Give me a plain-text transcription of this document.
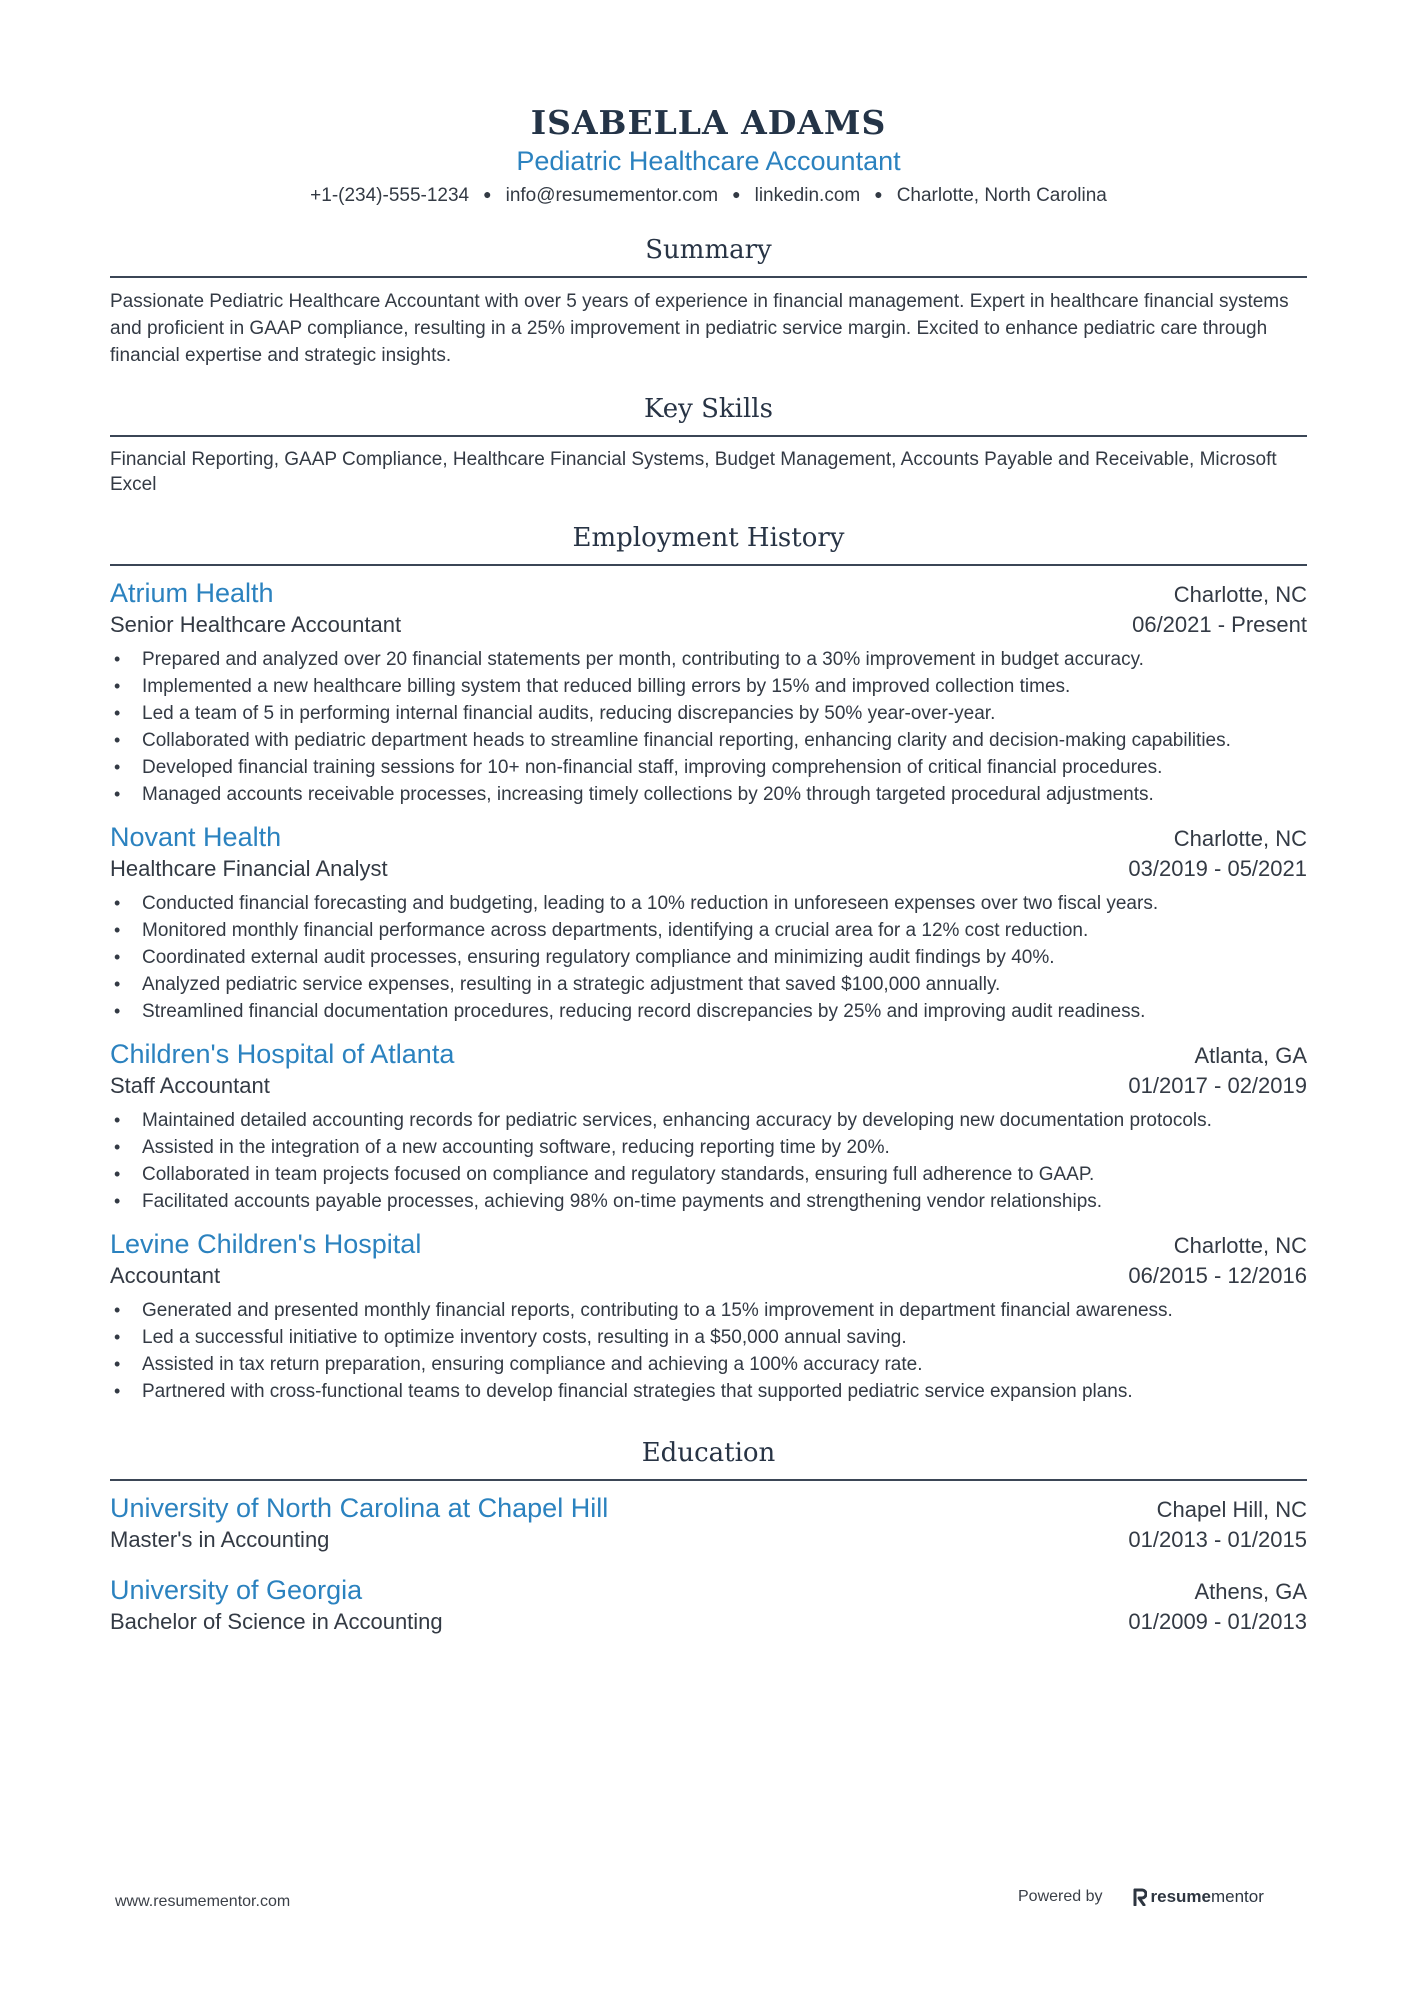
ISABELLA ADAMS
Pediatric Healthcare Accountant
+1-(234)-555-1234 ● info@resumementor.com ● linkedin.com ● Charlotte, North Carolina
Summary
Passionate Pediatric Healthcare Accountant with over 5 years of experience in financial management. Expert in healthcare financial systems and proficient in GAAP compliance, resulting in a 25% improvement in pediatric service margin. Excited to enhance pediatric care through financial expertise and strategic insights.
Key Skills
Financial Reporting, GAAP Compliance, Healthcare Financial Systems, Budget Management, Accounts Payable and Receivable, Microsoft Excel
Employment History
Atrium Health	Charlotte, NC
Senior Healthcare Accountant	06/2021 - Present
• Prepared and analyzed over 20 financial statements per month, contributing to a 30% improvement in budget accuracy.
• Implemented a new healthcare billing system that reduced billing errors by 15% and improved collection times.
• Led a team of 5 in performing internal financial audits, reducing discrepancies by 50% year-over-year.
• Collaborated with pediatric department heads to streamline financial reporting, enhancing clarity and decision-making capabilities.
• Developed financial training sessions for 10+ non-financial staff, improving comprehension of critical financial procedures.
• Managed accounts receivable processes, increasing timely collections by 20% through targeted procedural adjustments.
Novant Health	Charlotte, NC
Healthcare Financial Analyst	03/2019 - 05/2021
• Conducted financial forecasting and budgeting, leading to a 10% reduction in unforeseen expenses over two fiscal years.
• Monitored monthly financial performance across departments, identifying a crucial area for a 12% cost reduction.
• Coordinated external audit processes, ensuring regulatory compliance and minimizing audit findings by 40%.
• Analyzed pediatric service expenses, resulting in a strategic adjustment that saved $100,000 annually.
• Streamlined financial documentation procedures, reducing record discrepancies by 25% and improving audit readiness.
Children's Hospital of Atlanta	Atlanta, GA
Staff Accountant	01/2017 - 02/2019
• Maintained detailed accounting records for pediatric services, enhancing accuracy by developing new documentation protocols.
• Assisted in the integration of a new accounting software, reducing reporting time by 20%.
• Collaborated in team projects focused on compliance and regulatory standards, ensuring full adherence to GAAP.
• Facilitated accounts payable processes, achieving 98% on-time payments and strengthening vendor relationships.
Levine Children's Hospital	Charlotte, NC
Accountant	06/2015 - 12/2016
• Generated and presented monthly financial reports, contributing to a 15% improvement in department financial awareness.
• Led a successful initiative to optimize inventory costs, resulting in a $50,000 annual saving.
• Assisted in tax return preparation, ensuring compliance and achieving a 100% accuracy rate.
• Partnered with cross-functional teams to develop financial strategies that supported pediatric service expansion plans.
Education
University of North Carolina at Chapel Hill	Chapel Hill, NC
Master's in Accounting	01/2013 - 01/2015
University of Georgia	Athens, GA
Bachelor of Science in Accounting	01/2009 - 01/2013
www.resumementor.com	Powered by	resume mentor
